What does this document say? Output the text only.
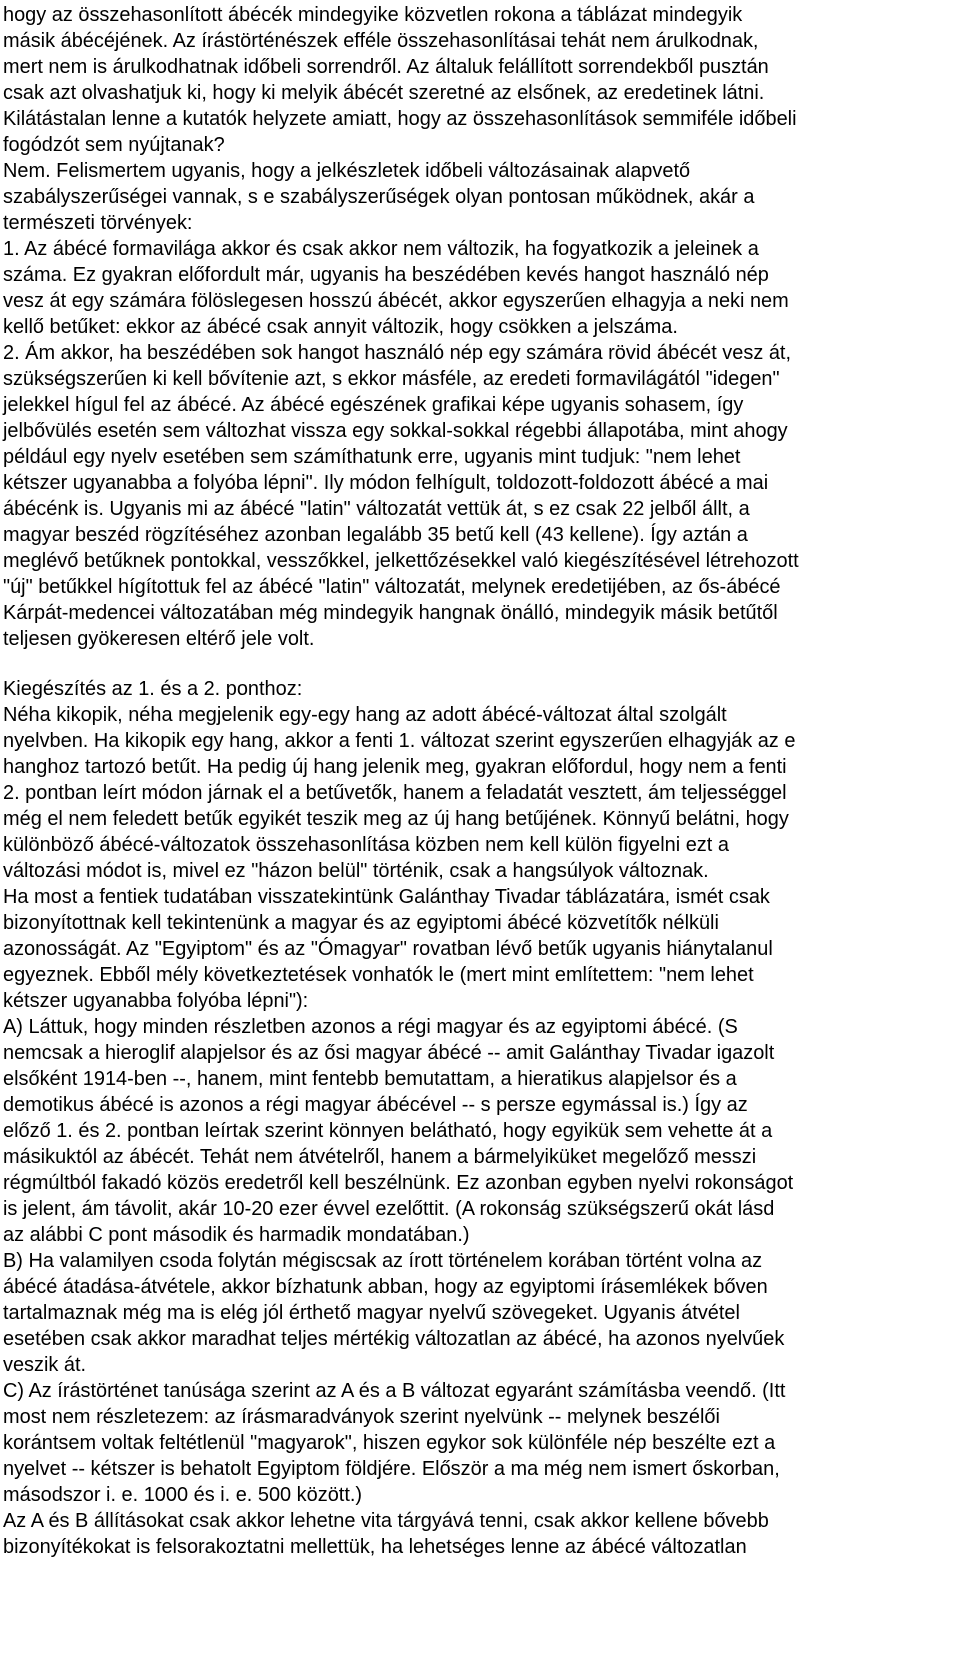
hogy az összehasonlított ábécék mindegyike közvetlen rokona a táblázat mindegyik
másik ábécéjének. Az írástörténészek efféle összehasonlításai tehát nem árulkodnak,
mert nem is árulkodhatnak időbeli sorrendről. Az általuk felállított sorrendekből pusztán
csak azt olvashatjuk ki, hogy ki melyik ábécét szeretné az elsőnek, az eredetinek látni.
Kilátástalan lenne a kutatók helyzete amiatt, hogy az összehasonlítások semmiféle időbeli
fogódzót sem nyújtanak?
Nem. Felismertem ugyanis, hogy a jelkészletek időbeli változásainak alapvető
szabályszerűségei vannak, s e szabályszerűségek olyan pontosan működnek, akár a
természeti törvények:
1. Az ábécé formavilága akkor és csak akkor nem változik, ha fogyatkozik a jeleinek a
száma. Ez gyakran előfordult már, ugyanis ha beszédében kevés hangot használó nép
vesz át egy számára fölöslegesen hosszú ábécét, akkor egyszerűen elhagyja a neki nem
kellő betűket: ekkor az ábécé csak annyit változik, hogy csökken a jelszáma.
2. Ám akkor, ha beszédében sok hangot használó nép egy számára rövid ábécét vesz át,
szükségszerűen ki kell bővítenie azt, s ekkor másféle, az eredeti formavilágától "idegen"
jelekkel hígul fel az ábécé. Az ábécé egészének grafikai képe ugyanis sohasem, így
jelbővülés esetén sem változhat vissza egy sokkal-sokkal régebbi állapotába, mint ahogy
például egy nyelv esetében sem számíthatunk erre, ugyanis mint tudjuk: "nem lehet
kétszer ugyanabba a folyóba lépni". Ily módon felhígult, toldozott-foldozott ábécé a mai
ábécénk is. Ugyanis mi az ábécé "latin" változatát vettük át, s ez csak 22 jelből állt, a
magyar beszéd rögzítéséhez azonban legalább 35 betű kell (43 kellene). Így aztán a
meglévő betűknek pontokkal, vesszőkkel, jelkettőzésekkel való kiegészítésével létrehozott
"új" betűkkel hígítottuk fel az ábécé "latin" változatát, melynek eredetijében, az ős-ábécé
Kárpát-medencei változatában még mindegyik hangnak önálló, mindegyik másik betűtől
teljesen gyökeresen eltérő jele volt.
Kiegészítés az 1. és a 2. ponthoz:
Néha kikopik, néha megjelenik egy-egy hang az adott ábécé-változat által szolgált
nyelvben. Ha kikopik egy hang, akkor a fenti 1. változat szerint egyszerűen elhagyják az e
hanghoz tartozó betűt. Ha pedig új hang jelenik meg, gyakran előfordul, hogy nem a fenti
2. pontban leírt módon járnak el a betűvetők, hanem a feladatát vesztett, ám teljességgel
még el nem feledett betűk egyikét teszik meg az új hang betűjének. Könnyű belátni, hogy
különböző ábécé-változatok összehasonlítása közben nem kell külön figyelni ezt a
változási módot is, mivel ez "házon belül" történik, csak a hangsúlyok változnak.
Ha most a fentiek tudatában visszatekintünk Galánthay Tivadar táblázatára, ismét csak
bizonyítottnak kell tekintenünk a magyar és az egyiptomi ábécé közvetítők nélküli
azonosságát. Az "Egyiptom" és az "Ómagyar" rovatban lévő betűk ugyanis hiánytalanul
egyeznek. Ebből mély következtetések vonhatók le (mert mint említettem: "nem lehet
kétszer ugyanabba folyóba lépni"):
A) Láttuk, hogy minden részletben azonos a régi magyar és az egyiptomi ábécé. (S
nemcsak a hieroglif alapjelsor és az ősi magyar ábécé -- amit Galánthay Tivadar igazolt
elsőként 1914-ben --, hanem, mint fentebb bemutattam, a hieratikus alapjelsor és a
demotikus ábécé is azonos a régi magyar ábécével -- s persze egymással is.) Így az
előző 1. és 2. pontban leírtak szerint könnyen belátható, hogy egyikük sem vehette át a
másikuktól az ábécét. Tehát nem átvételről, hanem a bármelyiküket megelőző messzi
régmúltból fakadó közös eredetről kell beszélnünk. Ez azonban egyben nyelvi rokonságot
is jelent, ám távolit, akár 10-20 ezer évvel ezelőttit. (A rokonság szükségszerű okát lásd
az alábbi C pont második és harmadik mondatában.)
B) Ha valamilyen csoda folytán mégiscsak az írott történelem korában történt volna az
ábécé átadása-átvétele, akkor bízhatunk abban, hogy az egyiptomi írásemlékek bőven
tartalmaznak még ma is elég jól érthető magyar nyelvű szövegeket. Ugyanis átvétel
esetében csak akkor maradhat teljes mértékig változatlan az ábécé, ha azonos nyelvűek
veszik át.
C) Az írástörténet tanúsága szerint az A és a B változat egyaránt számításba veendő. (Itt
most nem részletezem: az írásmaradványok szerint nyelvünk -- melynek beszélői
korántsem voltak feltétlenül "magyarok", hiszen egykor sok különféle nép beszélte ezt a
nyelvet -- kétszer is behatolt Egyiptom földjére. Először a ma még nem ismert őskorban,
másodszor i. e. 1000 és i. e. 500 között.)
Az A és B állításokat csak akkor lehetne vita tárgyává tenni, csak akkor kellene bővebb
bizonyítékokat is felsorakoztatni mellettük, ha lehetséges lenne az ábécé változatlan
